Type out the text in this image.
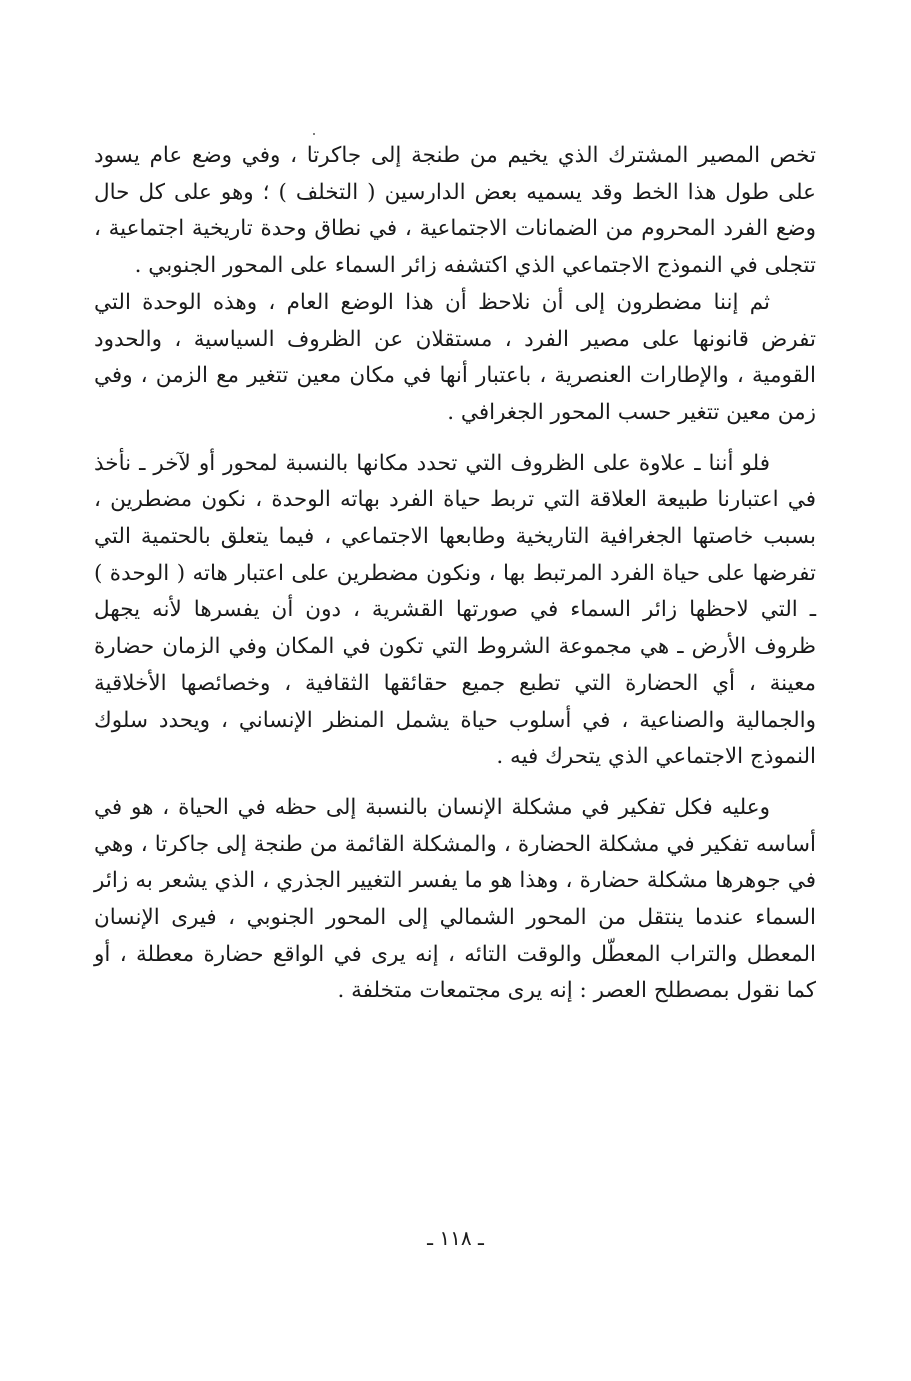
تخص المصير المشترك الذي يخيم من طنجة إلى جاكرتا ، وفي وضع عام يسود على طول هذا الخط وقد يسميه بعض الدارسين ( التخلف ) ؛ وهو على كل حال وضع الفرد المحروم من الضمانات الاجتماعية ، في نطاق وحدة تاريخية اجتماعية ، تتجلى في النموذج الاجتماعي الذي اكتشفه زائر السماء على المحور الجنوبي .

ثم إننا مضطرون إلى أن نلاحظ أن هذا الوضع العام ، وهذه الوحدة التي تفرض قانونها على مصير الفرد ، مستقلان عن الظروف السياسية ، والحدود القومية ، والإطارات العنصرية ، باعتبار أنها في مكان معين تتغير مع الزمن ، وفي زمن معين تتغير حسب المحور الجغرافي .

فلو أننا ـ علاوة على الظروف التي تحدد مكانها بالنسبة لمحور أو لآخر ـ نأخذ في اعتبارنا طبيعة العلاقة التي تربط حياة الفرد بهاته الوحدة ، نكون مضطرين ، بسبب خاصتها الجغرافية التاريخية وطابعها الاجتماعي ، فيما يتعلق بالحتمية التي تفرضها على حياة الفرد المرتبط بها ، ونكون مضطرين على اعتبار هاته ( الوحدة ) ـ التي لاحظها زائر السماء في صورتها القشرية ، دون أن يفسرها لأنه يجهل ظروف الأرض ـ هي مجموعة الشروط التي تكون في المكان وفي الزمان حضارة معينة ، أي الحضارة التي تطبع جميع حقائقها الثقافية ، وخصائصها الأخلاقية والجمالية والصناعية ، في أسلوب حياة يشمل المنظر الإنساني ، ويحدد سلوك النموذج الاجتماعي الذي يتحرك فيه .

وعليه فكل تفكير في مشكلة الإنسان بالنسبة إلى حظه في الحياة ، هو في أساسه تفكير في مشكلة الحضارة ، والمشكلة القائمة من طنجة إلى جاكرتا ، وهي في جوهرها مشكلة حضارة ، وهذا هو ما يفسر التغيير الجذري ، الذي يشعر به زائر السماء عندما ينتقل من المحور الشمالي إلى المحور الجنوبي ، فيرى الإنسان المعطل والتراب المعطّل والوقت التائه ، إنه يرى في الواقع حضارة معطلة ، أو كما نقول بمصطلح العصر : إنه يرى مجتمعات متخلفة .

ـ ١١٨ ـ
